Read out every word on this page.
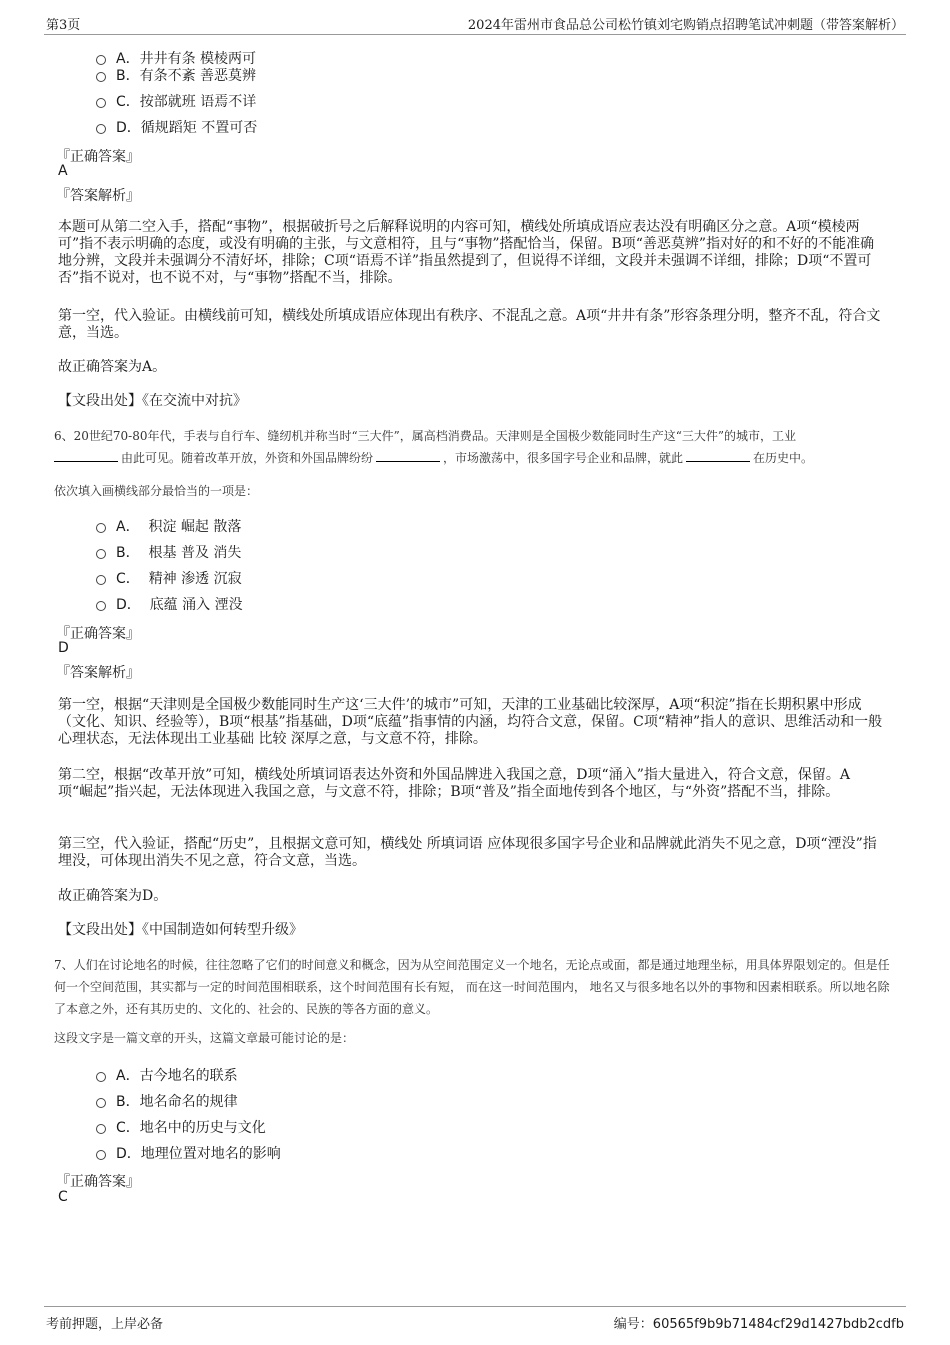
第3页	2024年雷州市食品总公司松竹镇刘宅购销点招聘笔试冲刺题（带答案解析）
A． 井井有条 模棱两可
B． 有条不紊 善恶莫辨
C． 按部就班 语焉不详
D． 循规蹈矩 不置可否
『正确答案』
A
『答案解析』
本题可从第二空入手，搭配“事物”，根据破折号之后解释说明的内容可知，横线处所填成语应表达没有明确区分之意。A项“模棱两可”指不表示明确的态度，或没有明确的主张，与文意相符，且与“事物”搭配恰当，保留。B项“善恶莫辨”指对好的和不好的不能准确地分辨，文段并未强调分不清好坏，排除；C项“语焉不详”指虽然提到了，但说得不详细，文段并未强调不详细，排除；D项“不置可否”指不说对，也不说不对，与“事物”搭配不当，排除。
第一空，代入验证。由横线前可知，横线处所填成语应体现出有秩序、不混乱之意。A项“井井有条”形容条理分明，整齐不乱，符合文意，当选。
故正确答案为A。
【文段出处】《在交流中对抗》
6、20世纪70-80年代，手表与自行车、缝纫机并称当时“三大件”，属高档消费品。天津则是全国极少数能同时生产这“三大件”的城市，工业
由此可见。随着改革开放，外资和外国品牌纷纷	，市场激荡中，很多国字号企业和品牌，就此	在历史中。
依次填入画横线部分最恰当的一项是：
A．
积淀 崛起 散落
B．
根基 普及 消失
C．
精神 渗透 沉寂
D．
底蕴 涌入 湮没
『正确答案』
D
『答案解析』
第一空，根据“天津则是全国极少数能同时生产这‘三大件’的城市”可知，天津的工业基础比较深厚，A项“积淀”指在长期积累中形成（文化、知识、经验等），B项“根基”指基础，D项“底蕴”指事情的内涵，均符合文意，保留。C项“精神”指人的意识、思维活动和一般心理状态，无法体现出工业基础 比较 深厚之意，与文意不符，排除。
第二空，根据“改革开放”可知，横线处所填词语表达外资和外国品牌进入我国之意，D项“涌入”指大量进入，符合文意，保留。A项“崛起”指兴起，无法体现进入我国之意，与文意不符，排除；B项“普及”指全面地传到各个地区，与“外资”搭配不当，排除。
第三空，代入验证，搭配“历史”，且根据文意可知，横线处 所填词语 应体现很多国字号企业和品牌就此消失不见之意，D项“湮没”指埋没，可体现出消失不见之意，符合文意，当选。
故正确答案为D。
【文段出处】《中国制造如何转型升级》
7、人们在讨论地名的时候，往往忽略了它们的时间意义和概念，因为从空间范围定义一个地名，无论点或面，都是通过地理坐标，用具体界限划定的。但是任何一个空间范围，其实都与一定的时间范围相联系，这个时间范围有长有短， 而在这一时间范围内， 地名又与很多地名以外的事物和因素相联系。所以地名除了本意之外，还有其历史的、文化的、社会的、民族的等各方面的意义。
这段文字是一篇文章的开头，这篇文章最可能讨论的是：
A． 古今地名的联系
B． 地名命名的规律
C． 地名中的历史与文化
D． 地理位置对地名的影响
『正确答案』
C
考前押题，上岸必备	编号：60565f9b9b71484cf29d1427bdb2cdfb
